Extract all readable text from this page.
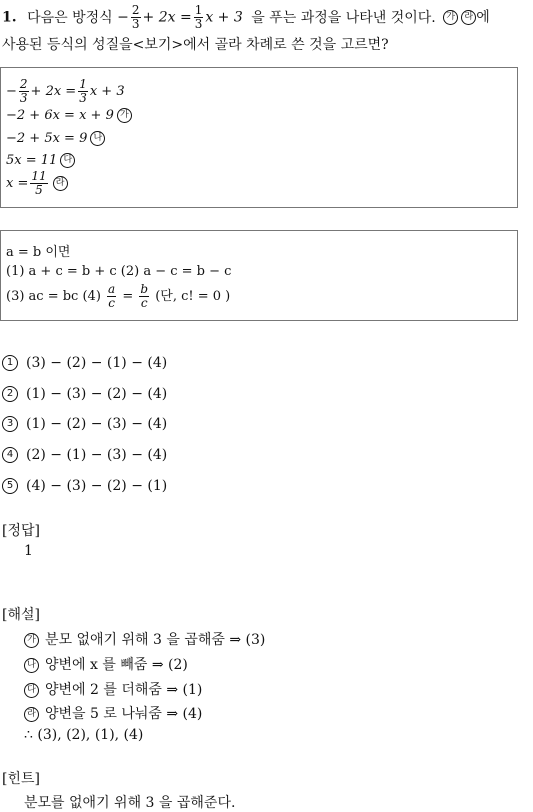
1. 다음은 방정식 − $\frac{2}{3} + 2x = \frac{1}{3}$ x + 3 을 푸는 과정을 나타낸 것이다. 가 라 에
사용된 등식의 성질을<보기>에서 골라 차례로 쓴 것을 고르면?
− $\frac{2}{3} + 2x = \frac{1}{3}$ x + 3
−2 + 6x = x + 9 가
−2 + 5x = 9 나
5x = 11 다
$x = \frac{11}{5}$ 라
a = b 이면
(1) a + c = b + c (2) a − c = b − c
(3) ac = bc $(4) \frac{a}{c} = \frac{b}{c}$ (단, c! = 0 )
1 (3) − (2) − (1) − (4)
2 (1) − (3) − (2) − (4)
3 (1) − (2) − (3) − (4)
4 (2) − (1) − (3) − (4)
5 (4) − (3) − (2) − (1)
[정답]
1
[해설]
가 분모 없애기 위해 3 을 곱해줌 ⇒ (3)
나 양변에 x 를 빼줌 ⇒ (2)
다 양변에 2 를 더해줌 ⇒ (1)
라 양변을 5 로 나눠줌 ⇒ (4)
∴ (3), (2), (1), (4)
[힌트]
분모를 없애기 위해 3 을 곱해준다.
